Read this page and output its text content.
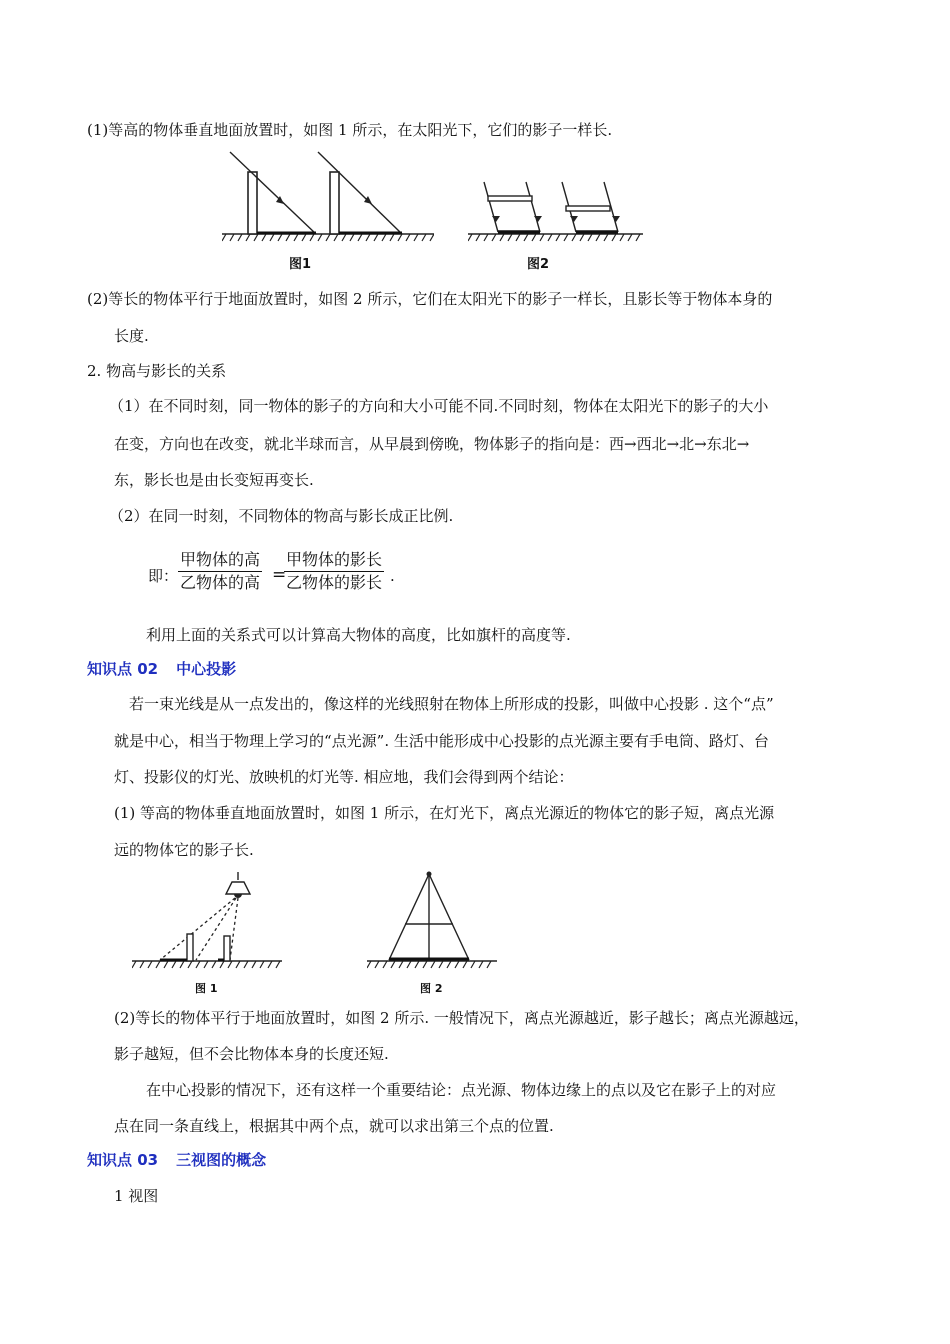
(1)等高的物体垂直地面放置时，如图 1 所示，在太阳光下，它们的影子一样长.
图1	图2
(2)等长的物体平行于地面放置时，如图 2 所示，它们在太阳光下的影子一样长，且影长等于物体本身的
长度.
2. 物高与影长的关系
（1）在不同时刻，同一物体的影子的方向和大小可能不同.不同时刻，物体在太阳光下的影子的大小
在变，方向也在改变，就北半球而言，从早晨到傍晚，物体影子的指向是：西→西北→北→东北→
东，影长也是由长变短再变长.
（2）在同一时刻，不同物体的物高与影长成正比例.
即：
甲物体的高
乙物体的高 =
甲物体的影长
乙物体的影长 .
利用上面的关系式可以计算高大物体的高度，比如旗杆的高度等.
知识点 02 中心投影
若一束光线是从一点发出的，像这样的光线照射在物体上所形成的投影，叫做中心投影 . 这个“点”
就是中心，相当于物理上学习的“点光源”. 生活中能形成中心投影的点光源主要有手电筒、路灯、台
灯、投影仪的灯光、放映机的灯光等. 相应地，我们会得到两个结论：
(1) 等高的物体垂直地面放置时，如图 1 所示，在灯光下，离点光源近的物体它的影子短，离点光源
远的物体它的影子长.
图 1	图 2
(2)等长的物体平行于地面放置时，如图 2 所示. 一般情况下，离点光源越近，影子越长；离点光源越远，
影子越短，但不会比物体本身的长度还短.
在中心投影的情况下，还有这样一个重要结论：点光源、物体边缘上的点以及它在影子上的对应
点在同一条直线上，根据其中两个点，就可以求出第三个点的位置.
知识点 03 三视图的概念
1 视图
